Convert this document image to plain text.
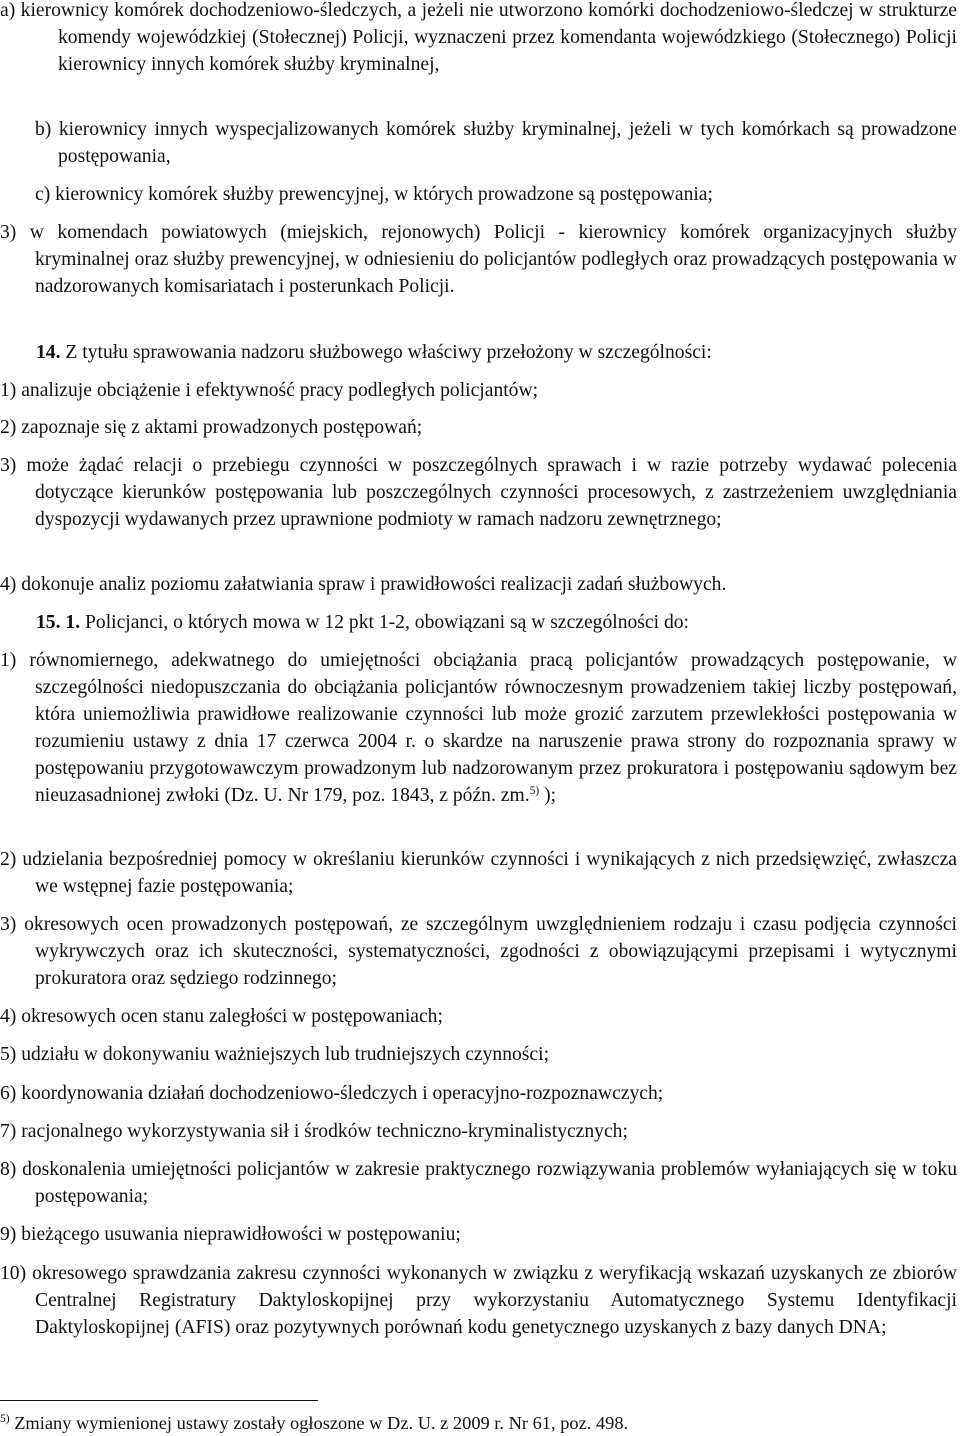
a) kierownicy komórek dochodzeniowo-śledczych, a jeżeli nie utworzono komórki dochodzeniowo-śledczej w strukturze komendy wojewódzkiej (Stołecznej) Policji, wyznaczeni przez komendanta wojewódzkiego (Stołecznego) Policji kierownicy innych komórek służby kryminalnej,

b) kierownicy innych wyspecjalizowanych komórek służby kryminalnej, jeżeli w tych komórkach są prowadzone postępowania,

c) kierownicy komórek służby prewencyjnej, w których prowadzone są postępowania;

3) w komendach powiatowych (miejskich, rejonowych) Policji - kierownicy komórek organizacyjnych służby kryminalnej oraz służby prewencyjnej, w odniesieniu do policjantów podległych oraz prowadzących postępowania w nadzorowanych komisariatach i posterunkach Policji.

14. Z tytułu sprawowania nadzoru służbowego właściwy przełożony w szczególności:

1) analizuje obciążenie i efektywność pracy podległych policjantów;

2) zapoznaje się z aktami prowadzonych postępowań;

3) może żądać relacji o przebiegu czynności w poszczególnych sprawach i w razie potrzeby wydawać polecenia dotyczące kierunków postępowania lub poszczególnych czynności procesowych, z zastrzeżeniem uwzględniania dyspozycji wydawanych przez uprawnione podmioty w ramach nadzoru zewnętrznego;

4) dokonuje analiz poziomu załatwiania spraw i prawidłowości realizacji zadań służbowych.

15. 1. Policjanci, o których mowa w 12 pkt 1-2, obowiązani są w szczególności do:

1) równomiernego, adekwatnego do umiejętności obciążania pracą policjantów prowadzących postępowanie, w szczególności niedopuszczania do obciążania policjantów równoczesnym prowadzeniem takiej liczby postępowań, która uniemożliwia prawidłowe realizowanie czynności lub może grozić zarzutem przewlekłości postępowania w rozumieniu ustawy z dnia 17 czerwca 2004 r. o skardze na naruszenie prawa strony do rozpoznania sprawy w postępowaniu przygotowawczym prowadzonym lub nadzorowanym przez prokuratora i postępowaniu sądowym bez nieuzasadnionej zwłoki (Dz. U. Nr 179, poz. 1843, z późn. zm.$^{5)}$ );

2) udzielania bezpośredniej pomocy w określaniu kierunków czynności i wynikających z nich przedsięwzięć, zwłaszcza we wstępnej fazie postępowania;

3) okresowych ocen prowadzonych postępowań, ze szczególnym uwzględnieniem rodzaju i czasu podjęcia czynności wykrywczych oraz ich skuteczności, systematyczności, zgodności z obowiązującymi przepisami i wytycznymi prokuratora oraz sędziego rodzinnego;

4) okresowych ocen stanu zaległości w postępowaniach;

5) udziału w dokonywaniu ważniejszych lub trudniejszych czynności;

6) koordynowania działań dochodzeniowo-śledczych i operacyjno-rozpoznawczych;

7) racjonalnego wykorzystywania sił i środków techniczno-kryminalistycznych;

8) doskonalenia umiejętności policjantów w zakresie praktycznego rozwiązywania problemów wyłaniających się w toku postępowania;

9) bieżącego usuwania nieprawidłowości w postępowaniu;

10) okresowego sprawdzania zakresu czynności wykonanych w związku z weryfikacją wskazań uzyskanych ze zbiorów Centralnej Registratury Daktyloskopijnej przy wykorzystaniu Automatycznego Systemu Identyfikacji Daktyloskopijnej (AFIS) oraz pozytywnych porównań kodu genetycznego uzyskanych z bazy danych DNA;

$^{5)}$ Zmiany wymienionej ustawy zostały ogłoszone w Dz. U. z 2009 r. Nr 61, poz. 498.
